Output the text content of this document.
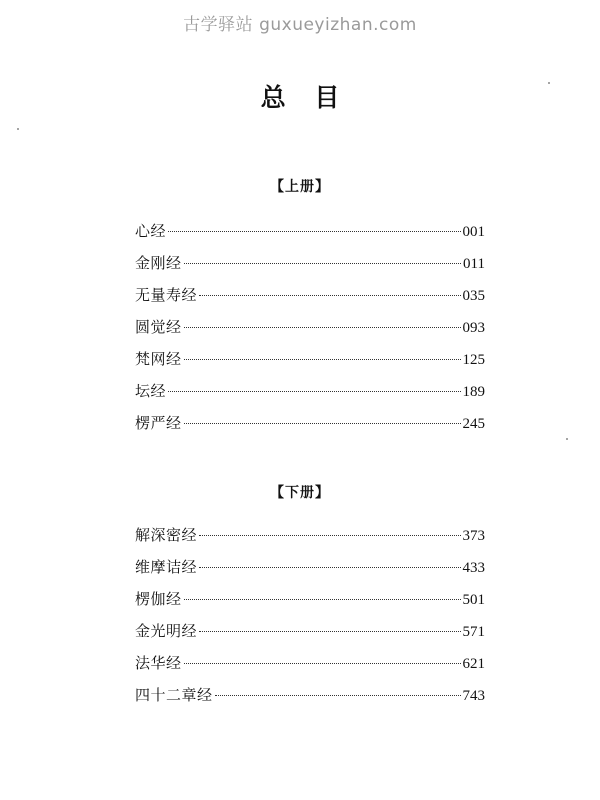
古学驿站 guxueyizhan.com
总 目
【上册】
心经	001
金刚经	011
无量寿经	035
圆觉经	093
梵网经	125
坛经	189
楞严经	245
【下册】
解深密经	373
维摩诘经	433
楞伽经	501
金光明经	571
法华经	621
四十二章经	743
